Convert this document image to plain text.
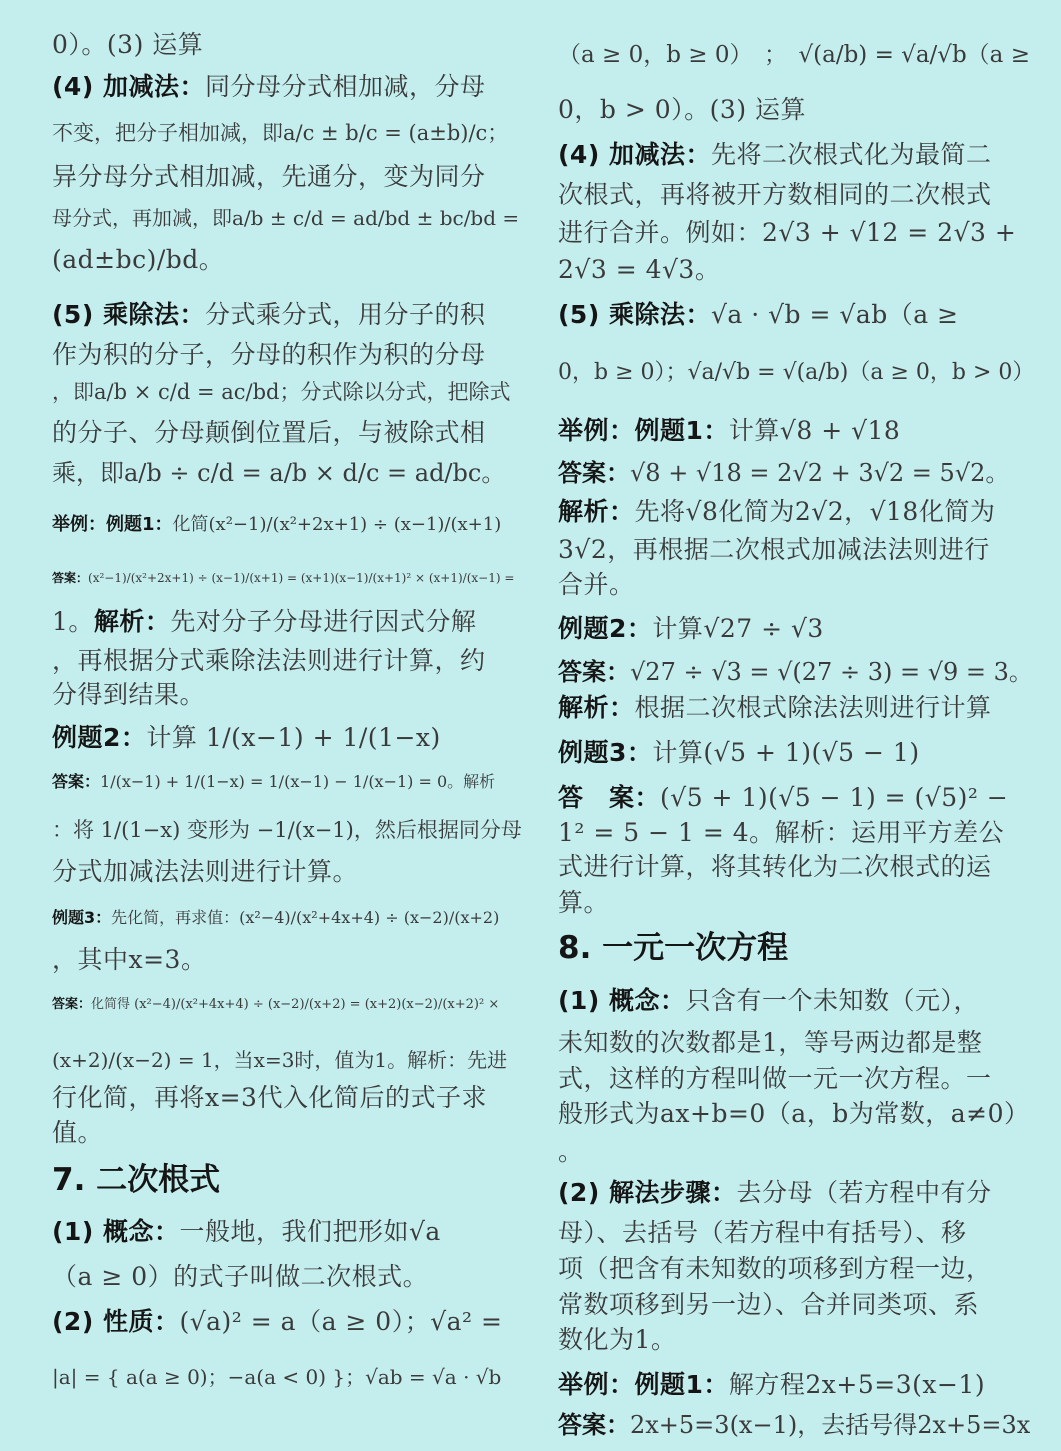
0）。(3) 运算
(4) 加减法：同分母分式相加减，分母
不变，把分子相加减，即a/c ± b/c = (a±b)/c；
异分母分式相加减，先通分，变为同分
母分式，再加减，即a/b ± c/d = ad/bd ± bc/bd =
(ad±bc)/bd。
(5) 乘除法：分式乘分式，用分子的积
作为积的分子，分母的积作为积的分母
，即a/b × c/d = ac/bd；分式除以分式，把除式
的分子、分母颠倒位置后，与被除式相
乘，即a/b ÷ c/d = a/b × d/c = ad/bc。
举例：例题1：化简(x²−1)/(x²+2x+1) ÷ (x−1)/(x+1)
答案：(x²−1)/(x²+2x+1) ÷ (x−1)/(x+1) = (x+1)(x−1)/(x+1)² × (x+1)/(x−1) =
1。解析：先对分子分母进行因式分解
，再根据分式乘除法法则进行计算，约
分得到结果。
例题2：计算 1/(x−1) + 1/(1−x)
答案：1/(x−1) + 1/(1−x) = 1/(x−1) − 1/(x−1) = 0。解析
：将 1/(1−x) 变形为 −1/(x−1)，然后根据同分母
分式加减法法则进行计算。
例题3：先化简，再求值：(x²−4)/(x²+4x+4) ÷ (x−2)/(x+2)
，其中x=3。
答案：化简得 (x²−4)/(x²+4x+4) ÷ (x−2)/(x+2) = (x+2)(x−2)/(x+2)² ×
(x+2)/(x−2) = 1，当x=3时，值为1。解析：先进
行化简，再将x=3代入化简后的式子求
值。
7. 二次根式
(1) 概念：一般地，我们把形如√a
（a ≥ 0）的式子叫做二次根式。
(2) 性质：(√a)² = a（a ≥ 0）；√a² =
|a| = { a(a ≥ 0)；−a(a < 0) }；√ab = √a · √b
（a ≥ 0，b ≥ 0）　；　√(a/b) = √a/√b（a ≥
0，b > 0）。(3) 运算
(4) 加减法：先将二次根式化为最简二
次根式，再将被开方数相同的二次根式
进行合并。例如：2√3 + √12 = 2√3 +
2√3 = 4√3。
(5) 乘除法：√a · √b = √ab（a ≥
0，b ≥ 0）；√a/√b = √(a/b)（a ≥ 0，b > 0）
举例：例题1：计算√8 + √18
答案：√8 + √18 = 2√2 + 3√2 = 5√2。
解析：先将√8化简为2√2，√18化简为
3√2，再根据二次根式加减法法则进行
合并。
例题2：计算√27 ÷ √3
答案：√27 ÷ √3 = √(27 ÷ 3) = √9 = 3。
解析：根据二次根式除法法则进行计算
例题3：计算(√5 + 1)(√5 − 1)
答　案：(√5 + 1)(√5 − 1) = (√5)² −
1² = 5 − 1 = 4。解析：运用平方差公
式进行计算，将其转化为二次根式的运
算。
8. 一元一次方程
(1) 概念：只含有一个未知数（元），
未知数的次数都是1，等号两边都是整
式，这样的方程叫做一元一次方程。一
般形式为ax+b=0（a，b为常数，a≠0）
。
(2) 解法步骤：去分母（若方程中有分
母）、去括号（若方程中有括号）、移
项（把含有未知数的项移到方程一边，
常数项移到另一边）、合并同类项、系
数化为1。
举例：例题1：解方程2x+5=3(x−1)
答案：2x+5=3(x−1)，去括号得2x+5=3x
